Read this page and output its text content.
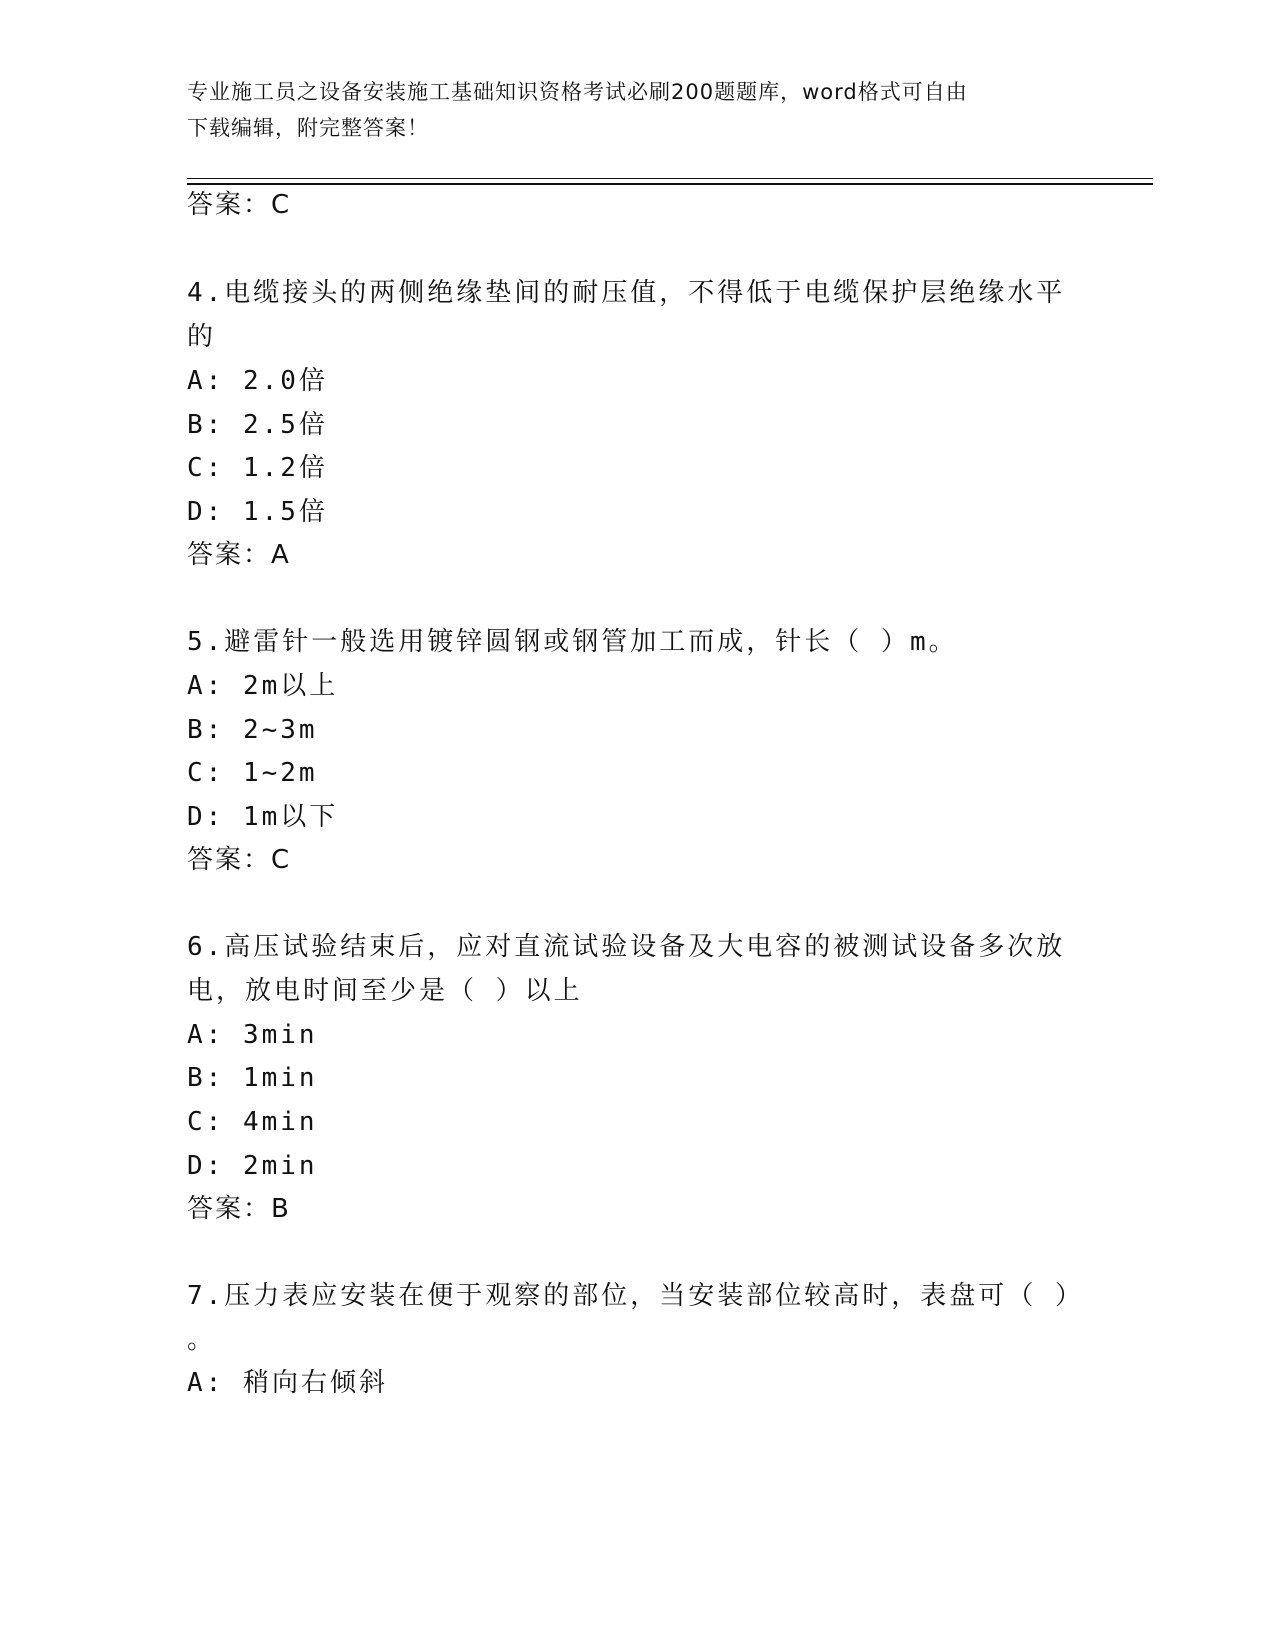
专业施工员之设备安装施工基础知识资格考试必刷200题题库，word格式可自由
下载编辑，附完整答案！
答案：C
4.电缆接头的两侧绝缘垫间的耐压值，不得低于电缆保护层绝缘水平
的
A: 2.0倍
B: 2.5倍
C: 1.2倍
D: 1.5倍
答案：A
5.避雷针一般选用镀锌圆钢或钢管加工而成，针长（ ）m。
A: 2m以上
B: 2~3m
C: 1~2m
D: 1m以下
答案：C
6.高压试验结束后，应对直流试验设备及大电容的被测试设备多次放
电，放电时间至少是（ ）以上
A: 3min
B: 1min
C: 4min
D: 2min
答案：B
7.压力表应安装在便于观察的部位，当安装部位较高时，表盘可（ ）
。
A: 稍向右倾斜
